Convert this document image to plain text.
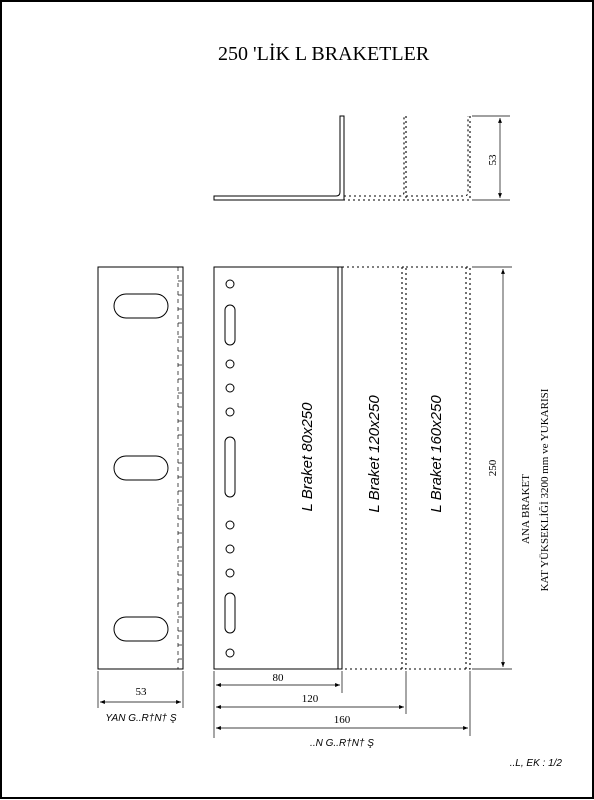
250 'LİK L BRAKETLER
53
53
YAN G..R†N† Ş
L Braket 80x250	L Braket 120x250	L Braket 160x250	250
ANA BRAKET KAT YÜKSEKLİĞİ 3200 mm ve YUKARISI
80
120
160
..N G..R†N† Ş
..L, EK : 1/2
